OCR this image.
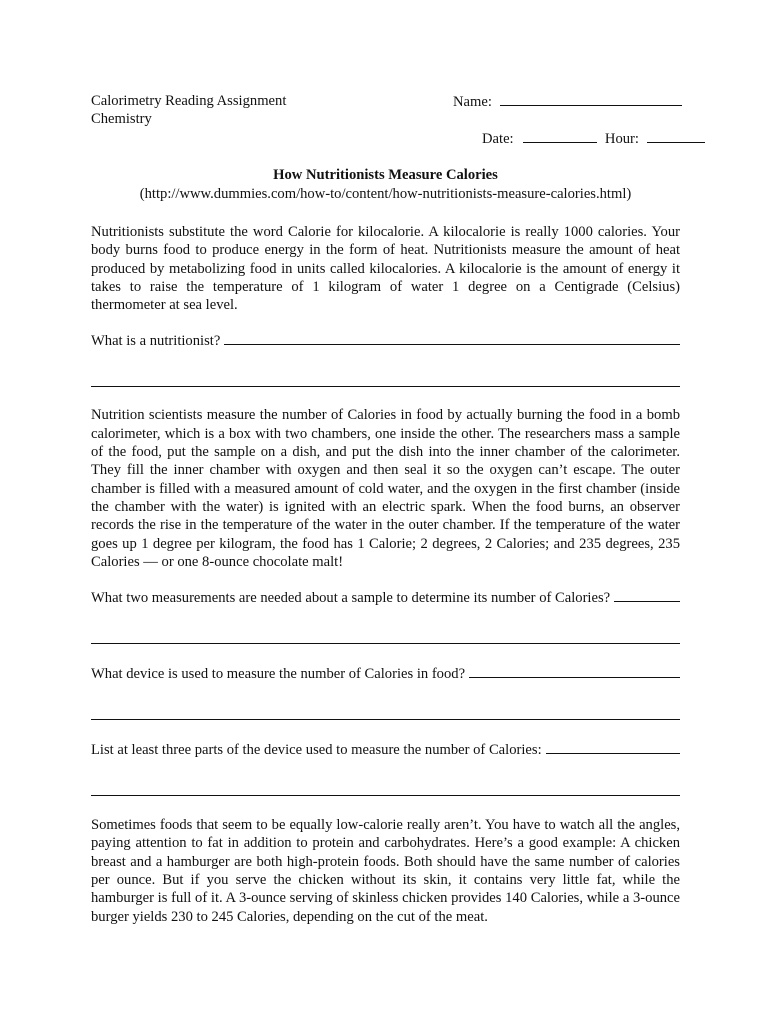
Calorimetry Reading Assignment	Name:
Chemistry
Date:	Hour:
How Nutritionists Measure Calories
(http://www.dummies.com/how-to/content/how-nutritionists-measure-calories.html)

Nutritionists substitute the word Calorie for kilocalorie. A kilocalorie is really 1000 calories. Your body burns food to produce energy in the form of heat. Nutritionists measure the amount of heat produced by metabolizing food in units called kilocalories. A kilocalorie is the amount of energy it takes to raise the temperature of 1 kilogram of water 1 degree on a Centigrade (Celsius) thermometer at sea level.

What is a nutritionist?

Nutrition scientists measure the number of Calories in food by actually burning the food in a bomb calorimeter, which is a box with two chambers, one inside the other. The researchers mass a sample of the food, put the sample on a dish, and put the dish into the inner chamber of the calorimeter. They fill the inner chamber with oxygen and then seal it so the oxygen can’t escape. The outer chamber is filled with a measured amount of cold water, and the oxygen in the first chamber (inside the chamber with the water) is ignited with an electric spark. When the food burns, an observer records the rise in the temperature of the water in the outer chamber. If the temperature of the water goes up 1 degree per kilogram, the food has 1 Calorie; 2 degrees, 2 Calories; and 235 degrees, 235 Calories — or one 8-ounce chocolate malt!

What two measurements are needed about a sample to determine its number of Calories?
What device is used to measure the number of Calories in food?
List at least three parts of the device used to measure the number of Calories:

Sometimes foods that seem to be equally low-calorie really aren’t. You have to watch all the angles, paying attention to fat in addition to protein and carbohydrates. Here’s a good example: A chicken breast and a hamburger are both high-protein foods. Both should have the same number of calories per ounce. But if you serve the chicken without its skin, it contains very little fat, while the hamburger is full of it. A 3-ounce serving of skinless chicken provides 140 Calories, while a 3-ounce burger yields 230 to 245 Calories, depending on the cut of the meat.
